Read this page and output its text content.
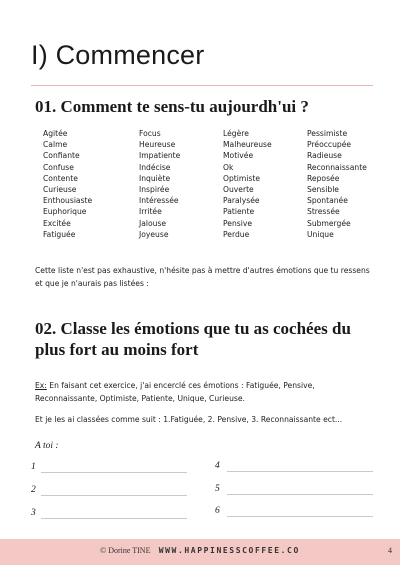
I) Commencer
01. Comment te sens-tu aujourdh'ui ?
Agitée
Calme
Confiante
Confuse
Contente
Curieuse
Enthousiaste
Euphorique
Excitée
Fatiguée
Focus
Heureuse
Impatiente
Indécise
Inquiète
Inspirée
Intéressée
Irritée
Jalouse
Joyeuse
Légère
Malheureuse
Motivée
Ok
Optimiste
Ouverte
Paralysée
Patiente
Pensive
Perdue
Pessimiste
Préoccupée
Radieuse
Reconnaissante
Reposée
Sensible
Spontanée
Stressée
Submergée
Unique

Cette liste n'est pas exhaustive, n'hésite pas à mettre d'autres émotions que tu ressens et que je n'aurais pas listées :

02. Classe les émotions que tu as cochées du plus fort au moins fort

Ex: En faisant cet exercice, j'ai encerclé ces émotions : Fatiguée, Pensive, Reconnaissante, Optimiste, Patiente, Unique, Curieuse.

Et je les ai classées comme suit : 1.Fatiguée, 2. Pensive, 3. Reconnaissante ect...

A toi :
1
2
3
4
5
6
© Dorine TINE WWW.HAPPINESSCOFFEE.CO	4
